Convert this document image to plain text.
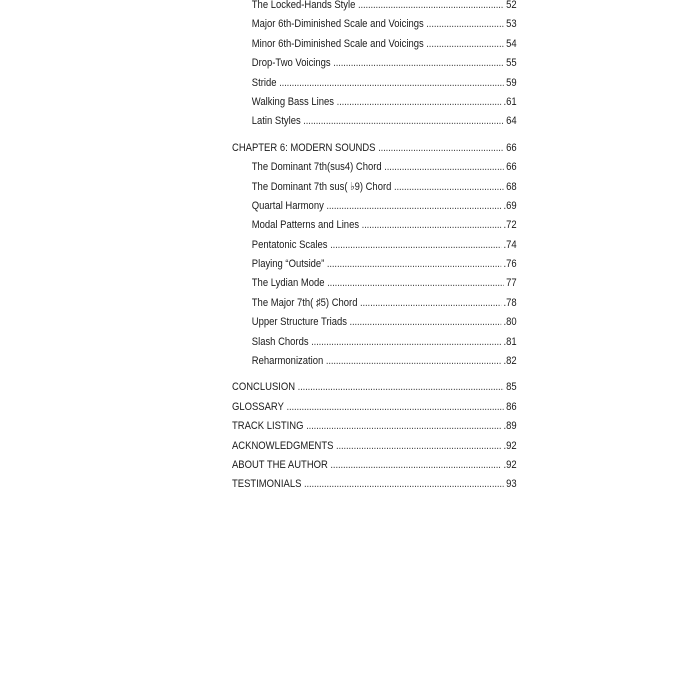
The Locked-Hands Style . . .	52
Major 6th-Diminished Scale and Voicings . . .	53
Minor 6th-Diminished Scale and Voicings . . .	54
Drop-Two Voicings . . .	55
Stride . . .	59
Walking Bass Lines . . .	.61
Latin Styles . . .	64
CHAPTER 6: MODERN SOUNDS . . .	66
The Dominant 7th(sus4) Chord . . .	66
The Dominant 7th sus( ♭9) Chord . . .	68
Quartal Harmony . . .	.69
Modal Patterns and Lines . . .	.72
Pentatonic Scales . . .	.74
Playing “Outside” . . .	.76
The Lydian Mode . . .	77
The Major 7th( ♯5) Chord . . .	.78
Upper Structure Triads . . .	.80
Slash Chords . . .	.81
Reharmonization . . .	.82
CONCLUSION . . .	85
GLOSSARY . . .	86
TRACK LISTING . . .	.89
ACKNOWLEDGMENTS . . .	.92
ABOUT THE AUTHOR . . .	.92
TESTIMONIALS . . .	93
